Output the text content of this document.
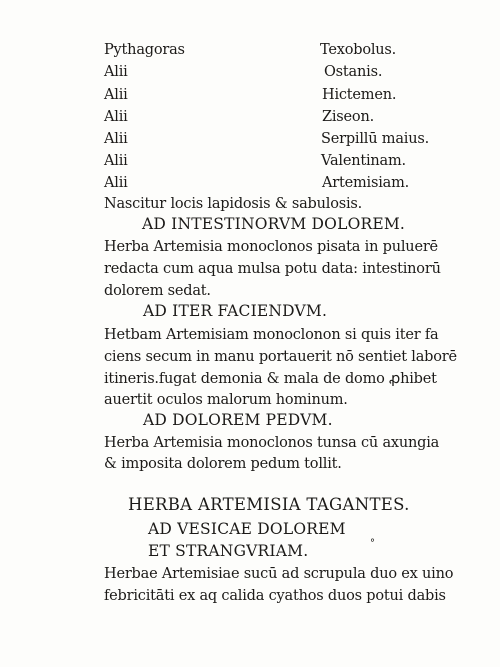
Pythagoras	Texobolus.
Alii	Ostanis.
Alii	Hictemen.
Alii	Ziseon.
Alii	Serpillū maius.
Alii	Valentinam.
Alii	Artemisiam.
Nascitur locis lapidosis & sabulosis.
AD INTESTINORVM DOLOREM.
Herba Artemisia monoclonos pisata in puluerē
redacta cum aqua mulsa potu data: intestinorū
dolorem sedat.
AD ITER FACIENDVM.
Hetbam Artemisiam monoclonon si quis iter fa
ciens secum in manu portauerit nō sentiet laborē
itineris.fugat demonia & mala de domo ꝓhibet
auertit oculos malorum hominum.
AD DOLOREM PEDVM.
Herba Artemisia monoclonos tunsa cū axungia
& imposita dolorem pedum tollit.
HERBA ARTEMISIA TAGANTES.
AD VESICAE DOLOREM
ET STRANGVRIAM.	°
Herbae Artemisiae sucū ad scrupula duo ex uino
febricitāti ex aq calida cyathos duos potui dabis
